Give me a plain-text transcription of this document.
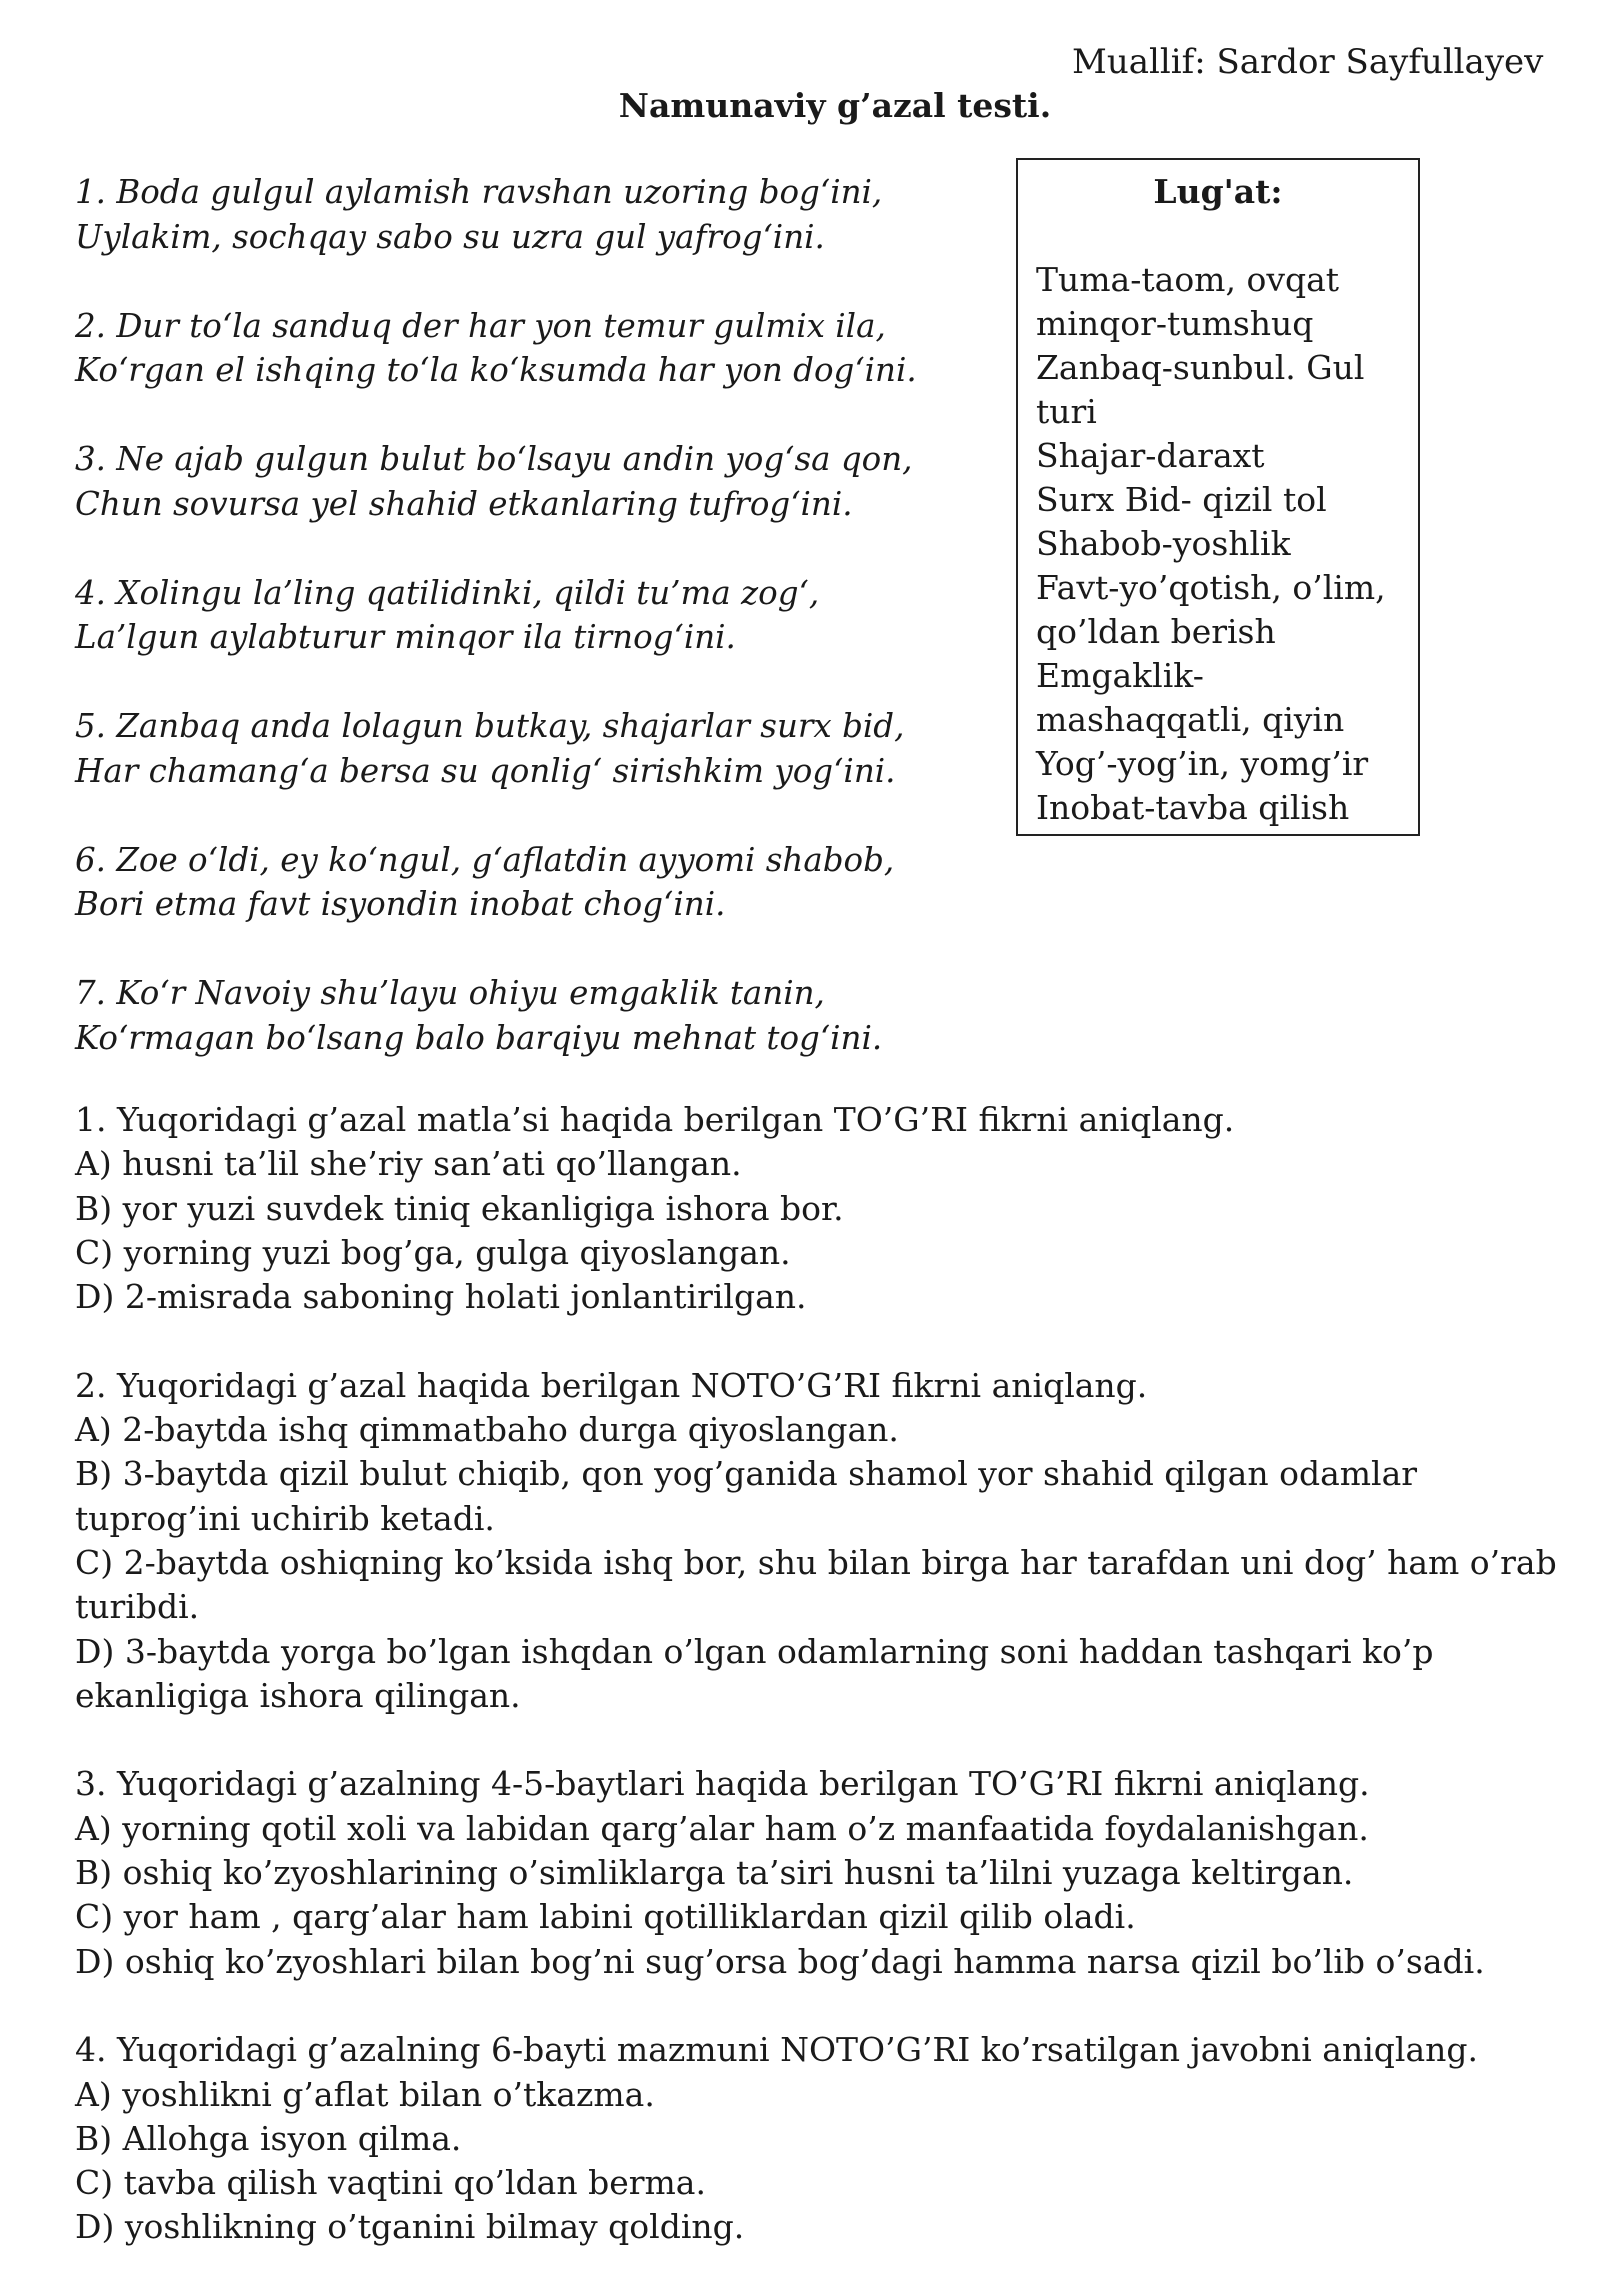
Muallif: Sardor Sayfullayev
Namunaviy g’azal testi.
1. Boda gulgul aylamish ravshan uzoring bog‘ini,
Uylakim, sochqay sabo su uzra gul yafrog‘ini.
2. Dur to‘la sanduq der har yon temur gulmix ila,
Ko‘rgan el ishqing to‘la ko‘ksumda har yon dog‘ini.
3. Ne ajab gulgun bulut bo‘lsayu andin yog‘sa qon,
Chun sovursa yel shahid etkanlaring tufrog‘ini.
4. Xolingu la’ling qatilidinki, qildi tu’ma zog‘,
La’lgun aylabturur minqor ila tirnog‘ini.
5. Zanbaq anda lolagun butkay, shajarlar surx bid,
Har chamang‘a bersa su qonlig‘ sirishkim yog‘ini.
6. Zoe o‘ldi, ey ko‘ngul, g‘aflatdin ayyomi shabob,
Bori etma favt isyondin inobat chog‘ini.
7. Ko‘r Navoiy shu’layu ohiyu emgaklik tanin,
Ko‘rmagan bo‘lsang balo barqiyu mehnat tog‘ini.
Lug'at:
Tuma-taom, ovqat
minqor-tumshuq
Zanbaq-sunbul. Gul turi
Shajar-daraxt
Surx Bid- qizil tol
Shabob-yoshlik
Favt-yo’qotish, o’lim, qo’ldan berish
Emgaklik-mashaqqatli, qiyin
Yog’-yog’in, yomg’ir
Inobat-tavba qilish
1. Yuqoridagi g’azal matla’si haqida berilgan TO’G’RI fikrni aniqlang.
A) husni ta’lil she’riy san’ati qo’llangan.
B) yor yuzi suvdek tiniq ekanligiga ishora bor.
C) yorning yuzi bog’ga, gulga qiyoslangan.
D) 2-misrada saboning holati jonlantirilgan.
2. Yuqoridagi g’azal haqida berilgan NOTO’G’RI fikrni aniqlang.
A) 2-baytda ishq qimmatbaho durga qiyoslangan.
B) 3-baytda qizil bulut chiqib, qon yog’ganida shamol yor shahid qilgan odamlar tuprog’ini uchirib ketadi.
C) 2-baytda oshiqning ko’ksida ishq bor, shu bilan birga har tarafdan uni dog’ ham o’rab turibdi.
D) 3-baytda yorga bo’lgan ishqdan o’lgan odamlarning soni haddan tashqari ko’p ekanligiga ishora qilingan.
3. Yuqoridagi g’azalning 4-5-baytlari haqida berilgan TO’G’RI fikrni aniqlang.
A) yorning qotil xoli va labidan qarg’alar ham o’z manfaatida foydalanishgan.
B) oshiq ko’zyoshlarining o’simliklarga ta’siri husni ta’lilni yuzaga keltirgan.
C) yor ham , qarg’alar ham labini qotilliklardan qizil qilib oladi.
D) oshiq ko’zyoshlari bilan bog’ni sug’orsa bog’dagi hamma narsa qizil bo’lib o’sadi.
4. Yuqoridagi g’azalning 6-bayti mazmuni NOTO’G’RI ko’rsatilgan javobni aniqlang.
A) yoshlikni g’aflat bilan o’tkazma.
B) Allohga isyon qilma.
C) tavba qilish vaqtini qo’ldan berma.
D) yoshlikning o’tganini bilmay qolding.
